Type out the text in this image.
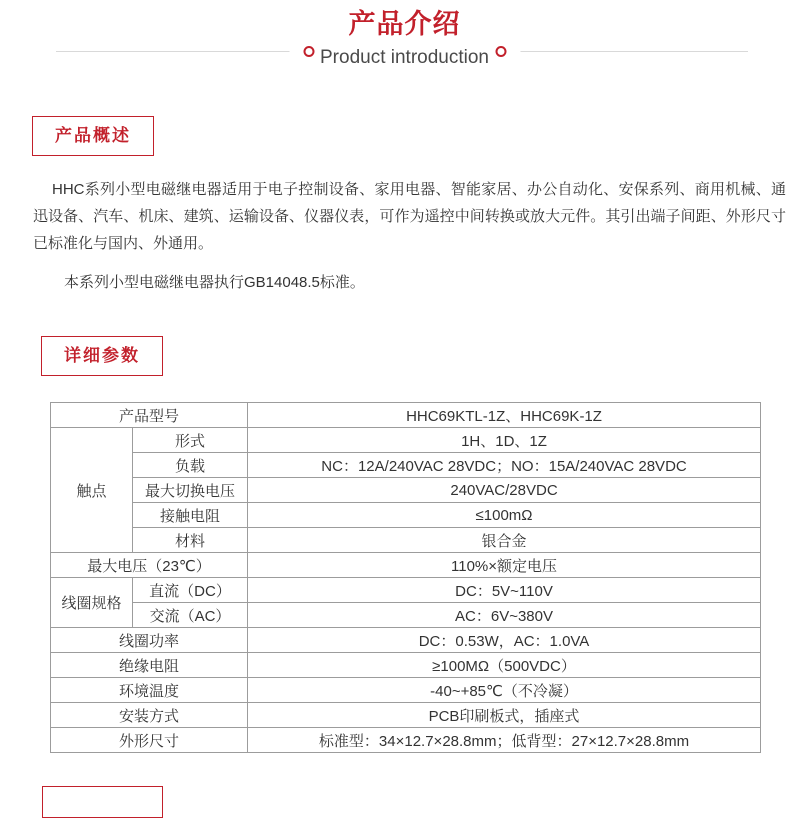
产品介绍
Product introduction
产品概述

HHC系列小型电磁继电器适用于电子控制设备、家用电器、智能家居、办公自动化、安保系列、商用机械、通迅设备、汽车、机床、建筑、运输设备、仪器仪表，可作为遥控中间转换或放大元件。其引出端子间距、外形尺寸已标准化与国内、外通用。

本系列小型电磁继电器执行GB14048.5标准。

详细参数
产品型号		HHC69KTL-1Z、HHC69K-1Z
触点	形式	1H、1D、1Z
	负载	NC：12A/240VAC 28VDC；NO：15A/240VAC 28VDC
	最大切换电压	240VAC/28VDC
	接触电阻	≤100mΩ
	材料	银合金
最大电压（23℃）		110%×额定电压
线圈规格	直流（DC）	DC：5V~110V
	交流（AC）	AC：6V~380V
线圈功率		DC：0.53W，AC：1.0VA
绝缘电阻		≥100MΩ（500VDC）
环境温度		-40~+85℃（不冷凝）
安装方式		PCB印刷板式，插座式
外形尺寸		标准型：34×12.7×28.8mm；低背型：27×12.7×28.8mm
